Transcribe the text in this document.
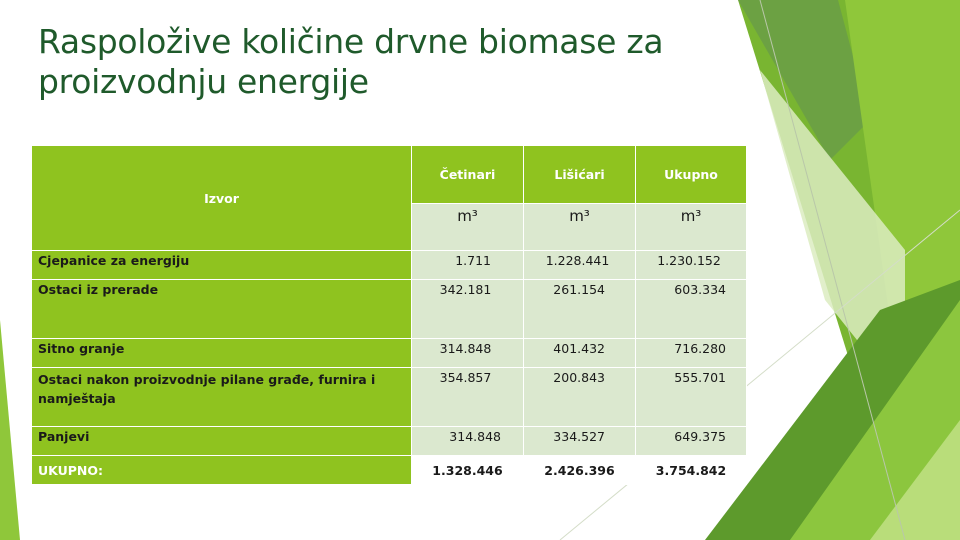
Raspoložive količine drvne biomase za proizvodnju energije
Izvor	Četinari	Lišićari	Ukupno
	m³	m³	m³
Cjepanice za energiju	1.711	1.228.441	1.230.152
Ostaci iz prerade	342.181	261.154	603.334
Sitno granje	314.848	401.432	716.280
Ostaci nakon proizvodnje pilane građe, furnira i namještaja	354.857	200.843	555.701
Panjevi	314.848	334.527	649.375
UKUPNO:	1.328.446	2.426.396	3.754.842
